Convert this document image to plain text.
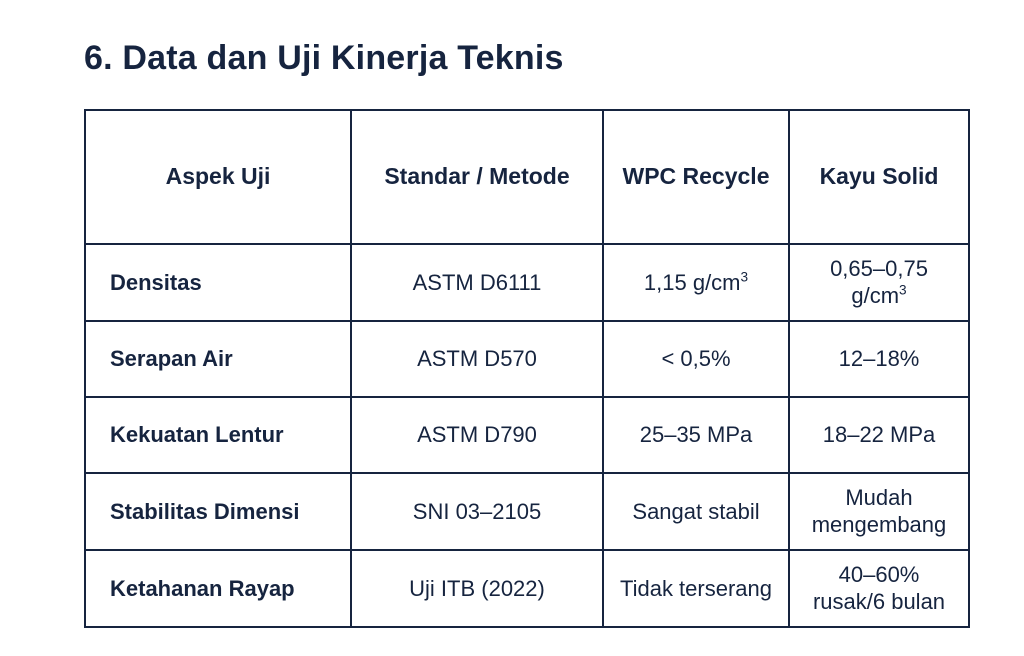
6. Data dan Uji Kinerja Teknis
Aspek Uji	Standar / Metode	WPC Recycle	Kayu Solid
Densitas	ASTM D6111	1,15 $g/cm^3$	0,65–0,75 $g/cm^3$
Serapan Air	ASTM D570	< 0,5%	12–18%
Kekuatan Lentur	ASTM D790	25–35 MPa	18–22 MPa
Stabilitas Dimensi	SNI 03–2105	Sangat stabil	Mudah mengembang
Ketahanan Rayap	Uji ITB (2022)	Tidak terserang	40–60% rusak/6 bulan
